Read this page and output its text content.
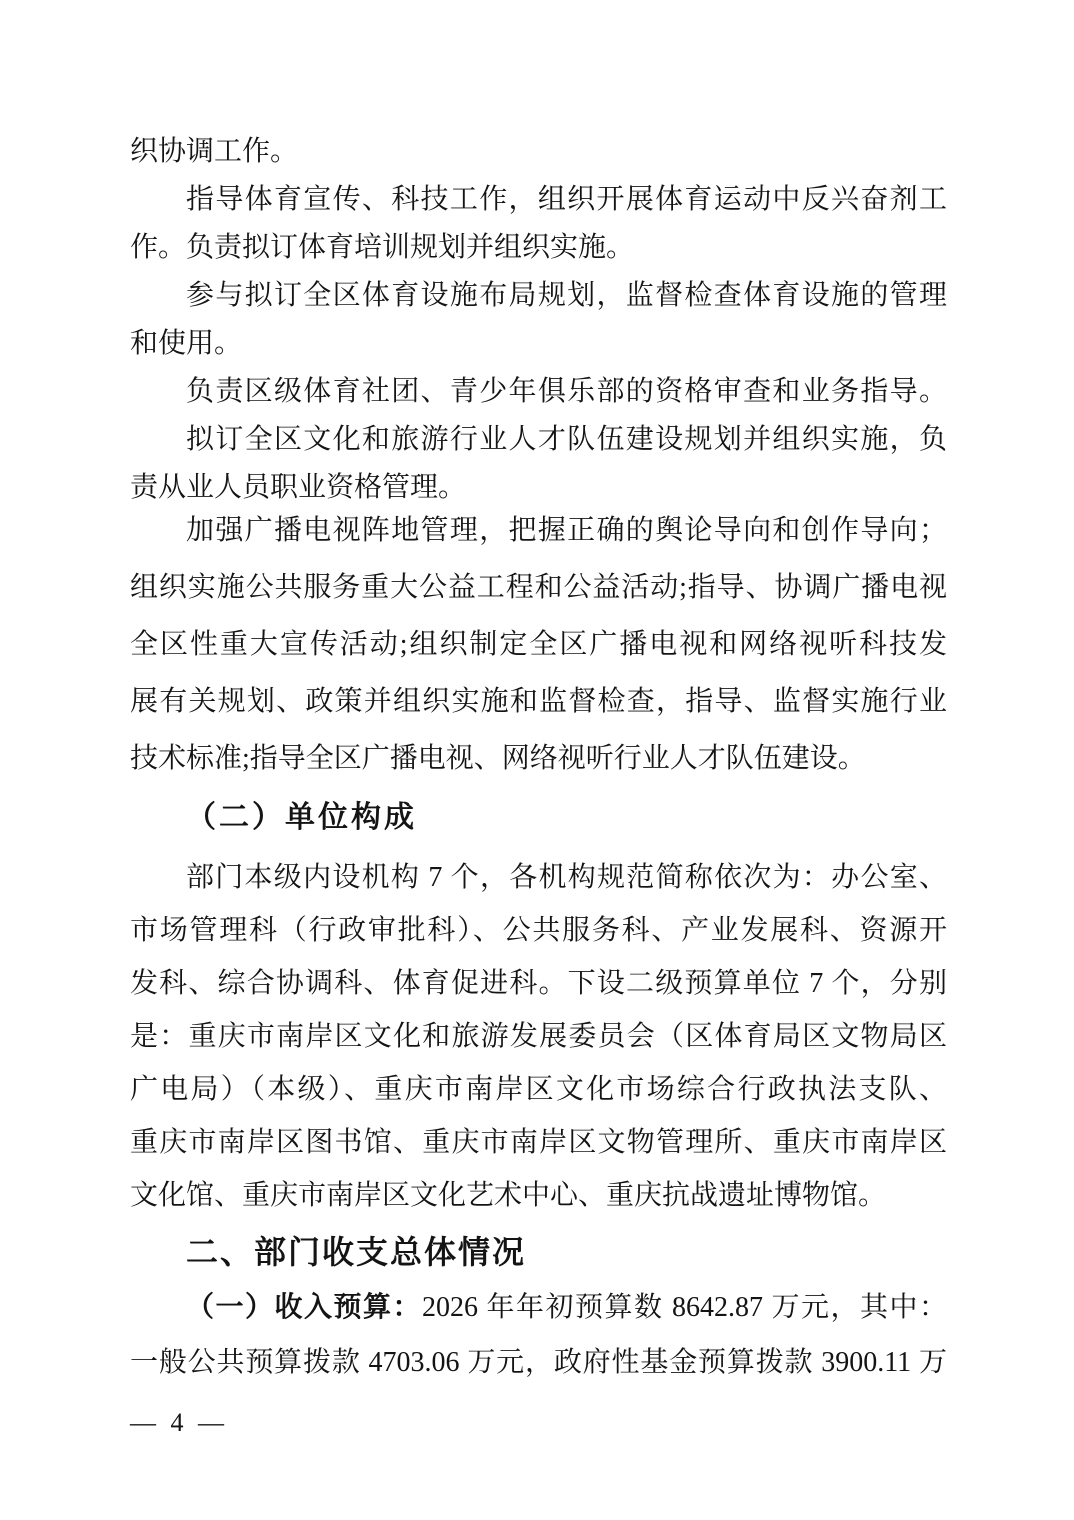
织协调工作。
指导体育宣传、科技工作，组织开展体育运动中反兴奋剂工
作。负责拟订体育培训规划并组织实施。
参与拟订全区体育设施布局规划，监督检查体育设施的管理
和使用。
负责区级体育社团、青少年俱乐部的资格审查和业务指导。
拟订全区文化和旅游行业人才队伍建设规划并组织实施，负
责从业人员职业资格管理。
加强广播电视阵地管理，把握正确的舆论导向和创作导向；
组织实施公共服务重大公益工程和公益活动;指导、协调广播电视
全区性重大宣传活动;组织制定全区广播电视和网络视听科技发
展有关规划、政策并组织实施和监督检查，指导、监督实施行业
技术标准;指导全区广播电视、网络视听行业人才队伍建设。
（二）单位构成
部门本级内设机构 7 个，各机构规范简称依次为：办公室、
市场管理科（行政审批科）、公共服务科、产业发展科、资源开
发科、综合协调科、体育促进科。下设二级预算单位 7 个，分别
是：重庆市南岸区文化和旅游发展委员会（区体育局区文物局区
广电局）（本级）、重庆市南岸区文化市场综合行政执法支队、
重庆市南岸区图书馆、重庆市南岸区文物管理所、重庆市南岸区
文化馆、重庆市南岸区文化艺术中心、重庆抗战遗址博物馆。
二、部门收支总体情况
（一）收入预算：2026 年年初预算数 8642.87 万元，其中：
一般公共预算拨款 4703.06 万元，政府性基金预算拨款 3900.11 万
— 4 —
